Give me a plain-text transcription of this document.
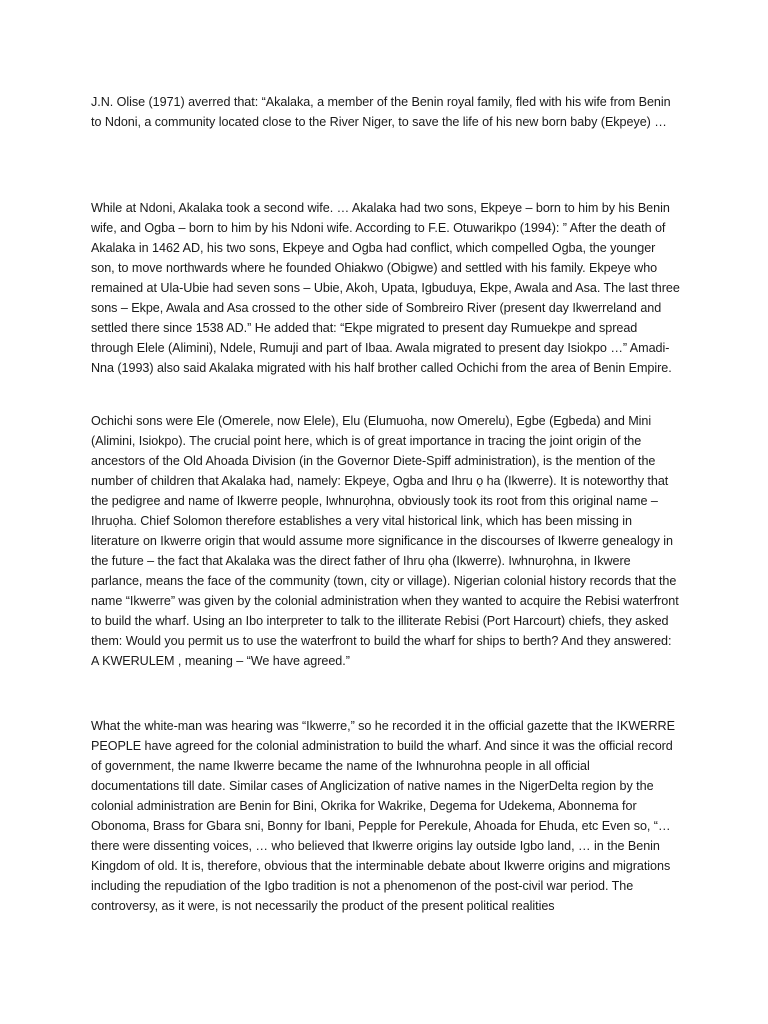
J.N. Olise (1971) averred that: “Akalaka, a member of the Benin royal family, fled with his wife from Benin to Ndoni, a community located close to the River Niger, to save the life of his new born baby (Ekpeye) …

While at Ndoni, Akalaka took a second wife. … Akalaka had two sons, Ekpeye – born to him by his Benin wife, and Ogba – born to him by his Ndoni wife. According to F.E. Otuwarikpo (1994): ” After the death of Akalaka in 1462 AD, his two sons, Ekpeye and Ogba had conflict, which compelled Ogba, the younger son, to move northwards where he founded Ohiakwo (Obigwe) and settled with his family. Ekpeye who remained at Ula-Ubie had seven sons – Ubie, Akoh, Upata, Igbuduya, Ekpe, Awala and Asa. The last three sons – Ekpe, Awala and Asa crossed to the other side of Sombreiro River (present day Ikwerreland and settled there since 1538 AD.” He added that: “Ekpe migrated to present day Rumuekpe and spread through Elele (Alimini), Ndele, Rumuji and part of Ibaa. Awala migrated to present day Isiokpo …” Amadi-Nna (1993) also said Akalaka migrated with his half brother called Ochichi from the area of Benin Empire.

Ochichi sons were Ele (Omerele, now Elele), Elu (Elumuoha, now Omerelu), Egbe (Egbeda) and Mini (Alimini, Isiokpo). The crucial point here, which is of great importance in tracing the joint origin of the ancestors of the Old Ahoada Division (in the Governor Diete-Spiff administration), is the mention of the number of children that Akalaka had, namely: Ekpeye, Ogba and Ihru ọ ha (Ikwerre). It is noteworthy that the pedigree and name of Ikwerre people, Iwhnurọhna, obviously took its root from this original name – Ihruọha. Chief Solomon therefore establishes a very vital historical link, which has been missing in literature on Ikwerre origin that would assume more significance in the discourses of Ikwerre genealogy in the future – the fact that Akalaka was the direct father of Ihru ọha (Ikwerre). Iwhnurọhna, in Ikwere parlance, means the face of the community (town, city or village). Nigerian colonial history records that the name “Ikwerre” was given by the colonial administration when they wanted to acquire the Rebisi waterfront to build the wharf. Using an Ibo interpreter to talk to the illiterate Rebisi (Port Harcourt) chiefs, they asked them: Would you permit us to use the waterfront to build the wharf for ships to berth? And they answered: A KWERULEM , meaning – “We have agreed.”

What the white-man was hearing was “Ikwerre,” so he recorded it in the official gazette that the IKWERRE PEOPLE have agreed for the colonial administration to build the wharf. And since it was the official record of government, the name Ikwerre became the name of the Iwhnurohna people in all official documentations till date. Similar cases of Anglicization of native names in the NigerDelta region by the colonial administration are Benin for Bini, Okrika for Wakrike, Degema for Udekema, Abonnema for Obonoma, Brass for Gbara sni, Bonny for Ibani, Pepple for Perekule, Ahoada for Ehuda, etc Even so, “… there were dissenting voices, … who believed that Ikwerre origins lay outside Igbo land, … in the Benin Kingdom of old. It is, therefore, obvious that the interminable debate about Ikwerre origins and migrations including the repudiation of the Igbo tradition is not a phenomenon of the post-civil war period. The controversy, as it were, is not necessarily the product of the present political realities
